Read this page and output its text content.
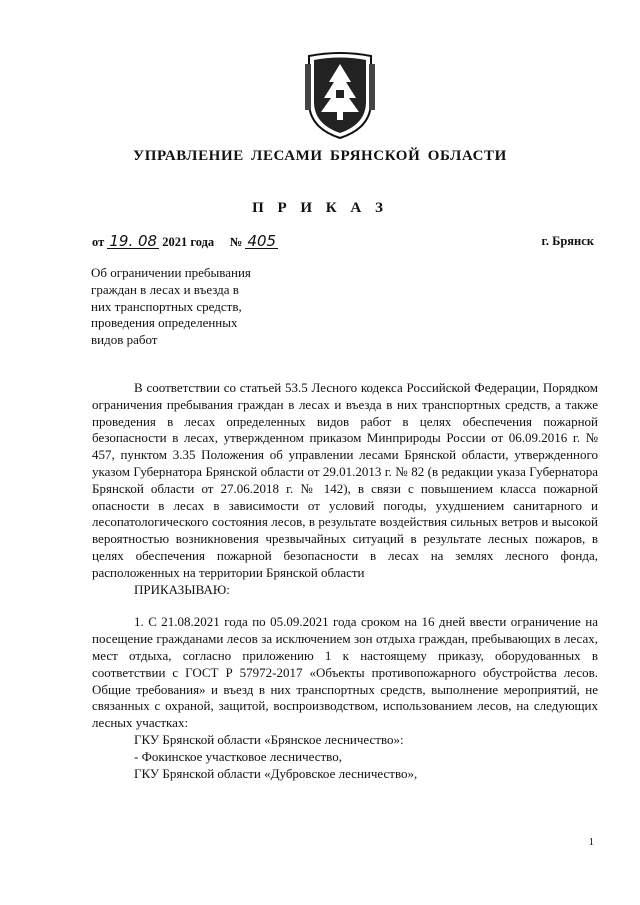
УПРАВЛЕНИЕ ЛЕСАМИ БРЯНСКОЙ ОБЛАСТИ
П Р И К А З
от 19. 08 2021 года № 405	г. Брянск
Об ограничении пребывания
граждан в лесах и въезда в
них транспортных средств,
проведения определенных
видов работ

В соответствии со статьей 53.5 Лесного кодекса Российской Федерации, Порядком ограничения пребывания граждан в лесах и въезда в них транспортных средств, а также проведения в лесах определенных видов работ в целях обеспечения пожарной безопасности в лесах, утвержденном приказом Минприроды России от 06.09.2016 г. № 457, пунктом 3.35 Положения об управлении лесами Брянской области, утвержденного указом Губернатора Брянской области от 29.01.2013 г. № 82 (в редакции указа Губернатора Брянской области от 27.06.2018 г. № 142), в связи с повышением класса пожарной опасности в лесах в зависимости от условий погоды, ухудшением санитарного и лесопатологического состояния лесов, в результате воздействия сильных ветров и высокой вероятностью возникновения чрезвычайных ситуаций в результате лесных пожаров, в целях обеспечения пожарной безопасности в лесах на землях лесного фонда, расположенных на территории Брянской области

ПРИКАЗЫВАЮ:

1. С 21.08.2021 года по 05.09.2021 года сроком на 16 дней ввести ограничение на посещение гражданами лесов за исключением зон отдыха граждан, пребывающих в лесах, мест отдыха, согласно приложению 1 к настоящему приказу, оборудованных в соответствии с ГОСТ Р 57972-2017 «Объекты противопожарного обустройства лесов. Общие требования» и въезд в них транспортных средств, выполнение мероприятий, не связанных с охраной, защитой, воспроизводством, использованием лесов, на следующих лесных участках:

ГКУ Брянской области «Брянское лесничество»:

- Фокинское участковое лесничество,

ГКУ Брянской области «Дубровское лесничество»,

1
